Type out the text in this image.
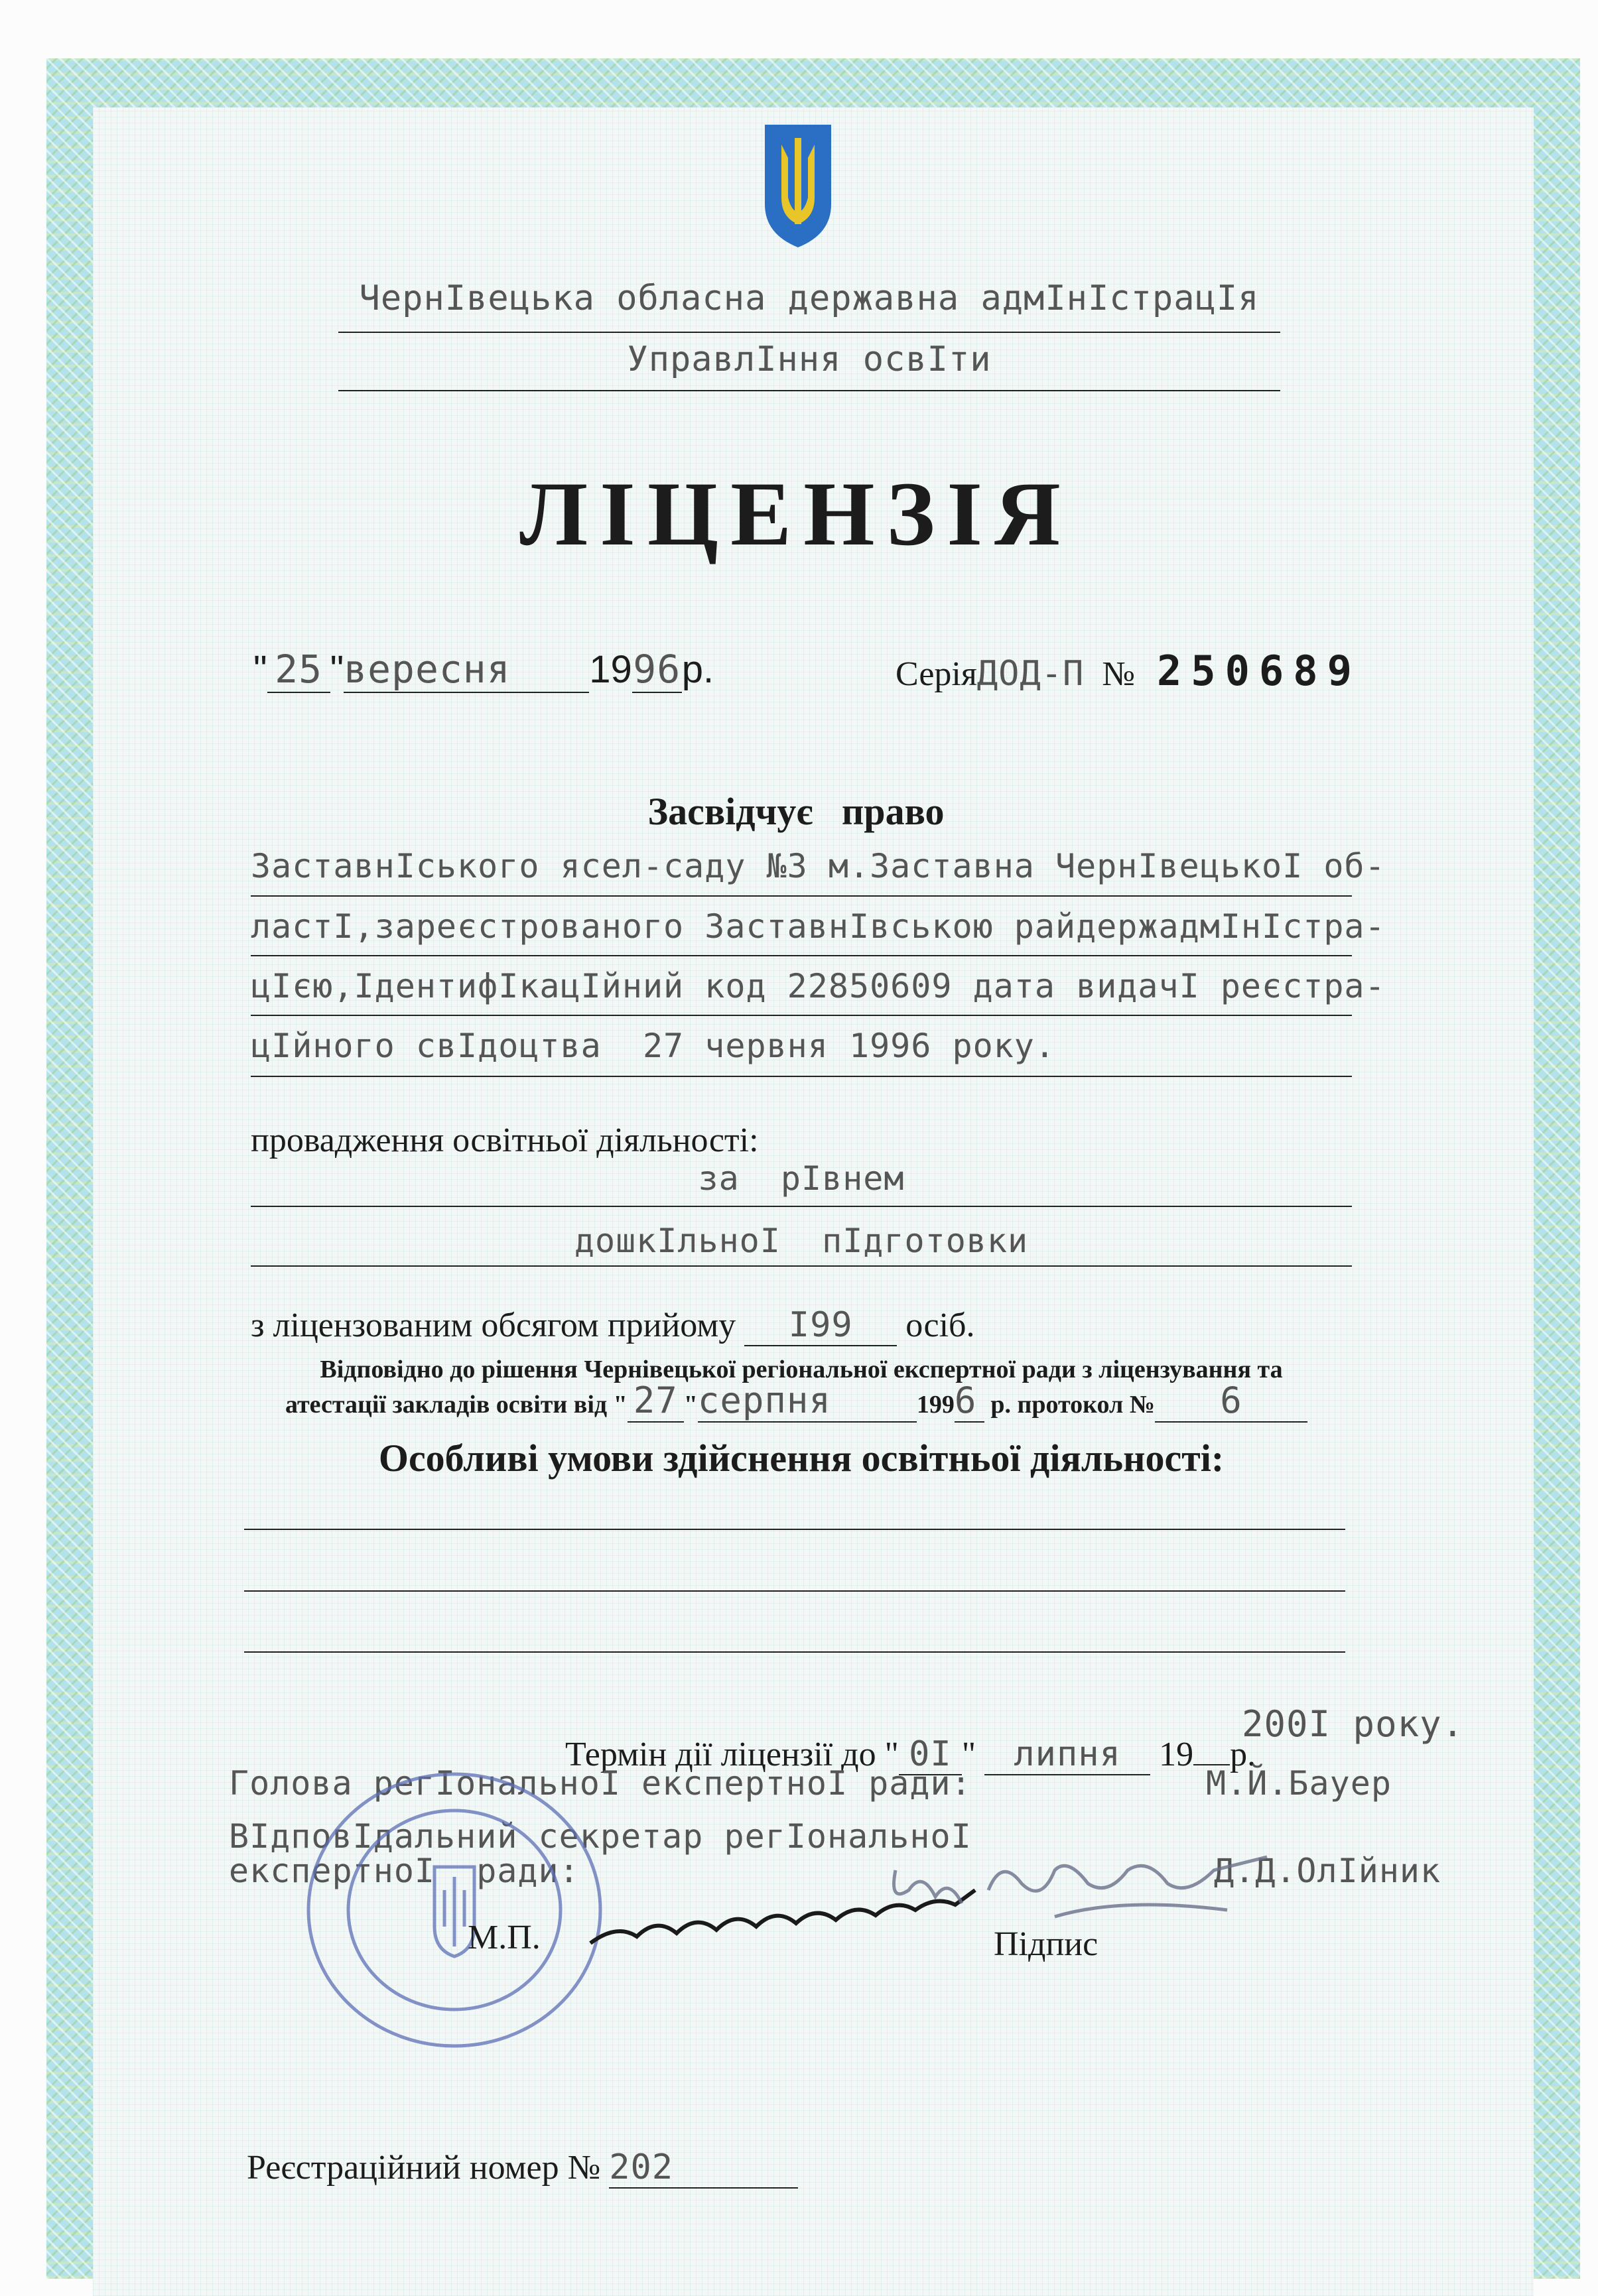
ЧернIвецька обласна державна адмIнIстрацIя
УправлIння освIти
ЛІЦЕНЗІЯ
" 25 "вересня 1996р.	СеріяДОД-П № 250689
Засвідчує   право
ЗаставнIського ясел-саду №3 м.Заставна ЧернIвецькоI об-
ластI,зареєстрованого ЗаставнIвською райдержадмIнIстра-
цIєю,IдентифIкацIйний код 22850609 дата видачI реєстра-
цIйного свIдоцтва  27 червня 1996 року.
провадження освітньої діяльності:
за  рIвнем
дошкIльноI  пIдготовки
з ліцензованим обсягом прийому I99 осіб.
Відповідно до рішення Чернівецької регіональної експертної ради з ліцензування та
атестації закладів освіти від " 27 "серпня	1996 р. протокол № 6
Особливі умови здійснення освітньої діяльності:
200I року.
Термін дії ліцензії до " 0I " липня 19 р.
Голова регIональноI експертноI ради:	М.Й.Бауер
ВIдповIдальний секретар регIональноI
експертноI  ради:	Д.Д.ОлIйник
М.П.	Підпис
Реєстраційний номер № 202
